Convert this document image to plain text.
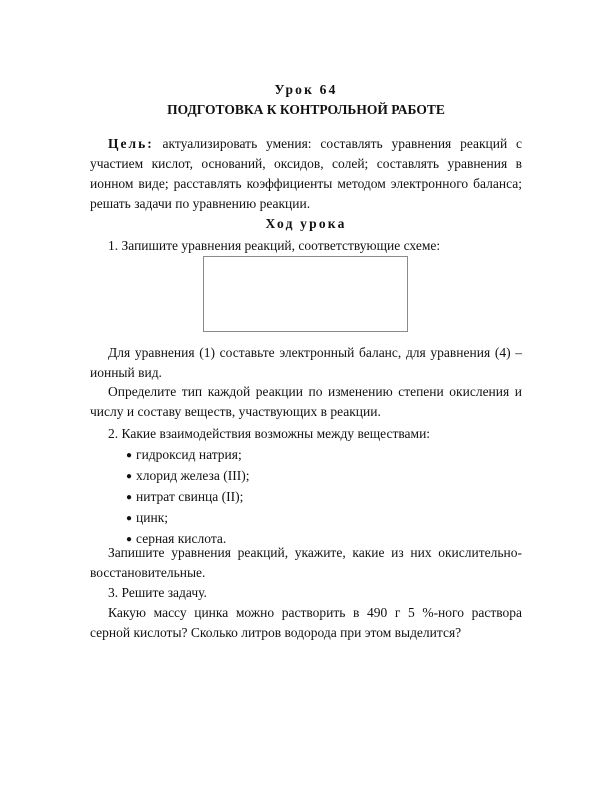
Урок 64
ПОДГОТОВКА К КОНТРОЛЬНОЙ РАБОТЕ

Цель: актуализировать умения: составлять уравнения реакций с участием кислот, оснований, оксидов, солей; составлять уравнения в ионном виде; расставлять коэффициенты методом электронного баланса; решать задачи по уравнению реакции.

Ход урока

1. Запишите уравнения реакций, соответствующие схеме:

Для уравнения (1) составьте электронный баланс, для уравнения (4) – ионный вид.

Определите тип каждой реакции по изменению степени окисления и числу и составу веществ, участвующих в реакции.

2. Какие взаимодействия возможны между веществами:

● гидроксид натрия;
● хлорид железа (III);
● нитрат свинца (II);
● цинк;
● серная кислота.

Запишите уравнения реакций, укажите, какие из них окислительно-восстановительные.

3. Решите задачу.

Какую массу цинка можно растворить в 490 г 5 %-ного раствора серной кислоты? Сколько литров водорода при этом выделится?
